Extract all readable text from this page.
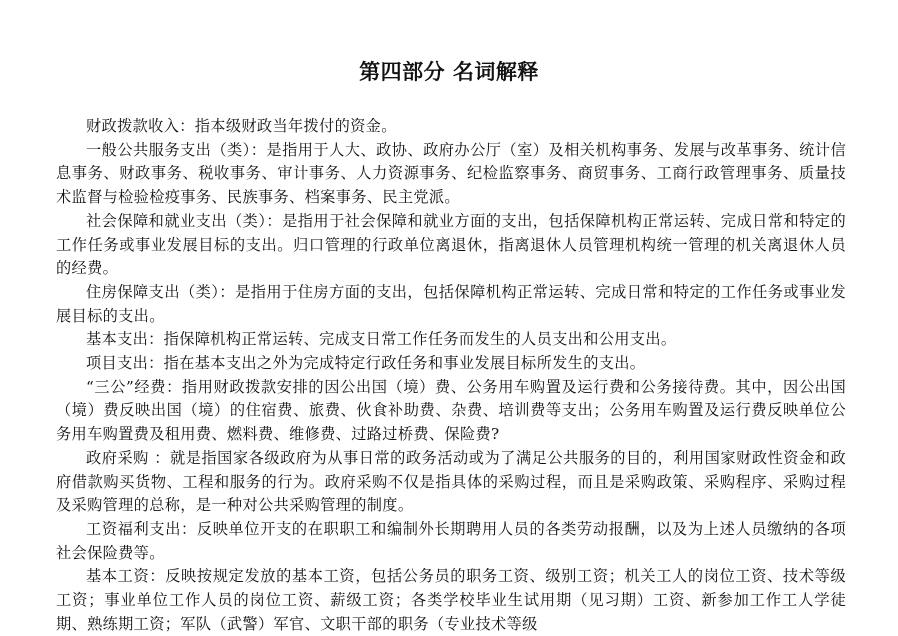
第四部分 名词解释

财政拨款收入：指本级财政当年拨付的资金。

一般公共服务支出（类）：是指用于人大、政协、政府办公厅（室）及相关机构事务、发展与改革事务、统计信息事务、财政事务、税收事务、审计事务、人力资源事务、纪检监察事务、商贸事务、工商行政管理事务、质量技术监督与检验检疫事务、民族事务、档案事务、民主党派。

社会保障和就业支出（类）：是指用于社会保障和就业方面的支出，包括保障机构正常运转、完成日常和特定的工作任务或事业发展目标的支出。归口管理的行政单位离退休，指离退休人员管理机构统一管理的机关离退休人员的经费。

住房保障支出（类）：是指用于住房方面的支出，包括保障机构正常运转、完成日常和特定的工作任务或事业发展目标的支出。

基本支出：指保障机构正常运转、完成支日常工作任务而发生的人员支出和公用支出。

项目支出：指在基本支出之外为完成特定行政任务和事业发展目标所发生的支出。

“三公”经费：指用财政拨款安排的因公出国（境）费、公务用车购置及运行费和公务接待费。其中，因公出国（境）费反映出国（境）的住宿费、旅费、伙食补助费、杂费、培训费等支出；公务用车购置及运行费反映单位公务用车购置费及租用费、燃料费、维修费、过路过桥费、保险费?

政府采购 ：就是指国家各级政府为从事日常的政务活动或为了满足公共服务的目的，利用国家财政性资金和政府借款购买货物、工程和服务的行为。政府采购不仅是指具体的采购过程，而且是采购政策、采购程序、采购过程及采购管理的总称，是一种对公共采购管理的制度。

工资福利支出：反映单位开支的在职职工和编制外长期聘用人员的各类劳动报酬，以及为上述人员缴纳的各项社会保险费等。

基本工资：反映按规定发放的基本工资，包括公务员的职务工资、级别工资；机关工人的岗位工资、技术等级工资；事业单位工作人员的岗位工资、薪级工资；各类学校毕业生试用期（见习期）工资、新参加工作工人学徒期、熟练期工资；军队（武警）军官、文职干部的职务（专业技术等级
